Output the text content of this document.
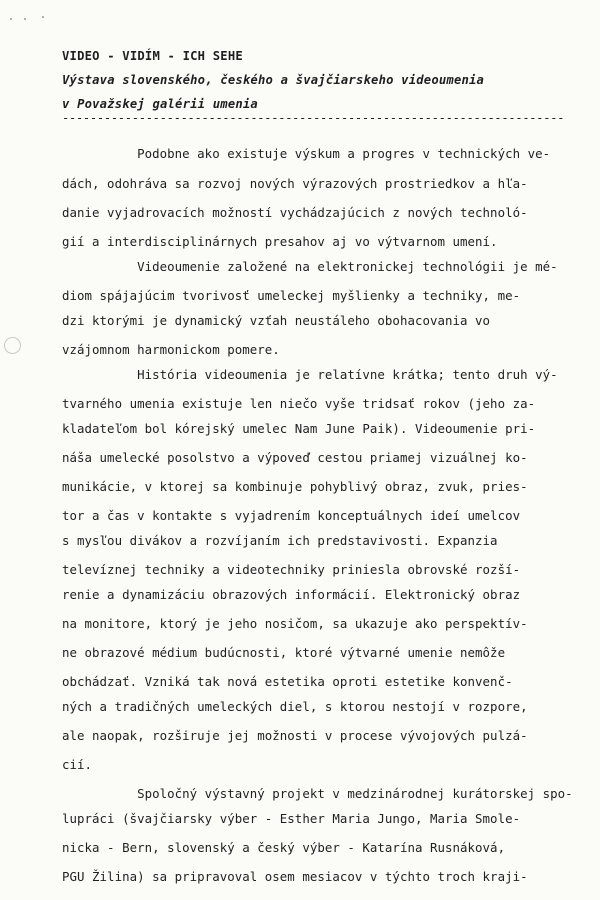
VIDEO - VIDÍM - ICH SEHE
Výstava slovenského, českého a švajčiarskeho videoumenia
v Považskej galérii umenia
------------------------------------------------------------------------
Podobne ako existuje výskum a progres v technických ve-
dách, odohráva sa rozvoj nových výrazových prostriedkov a hľa-
danie vyjadrovacích možností vychádzajúcich z nových technoló-
gií a interdisciplinárnych presahov aj vo výtvarnom umení.
Videoumenie založené na elektronickej technológii je mé-
diom spájajúcim tvorivosť umeleckej myšlienky a techniky, me-
dzi ktorými je dynamický vzťah neustáleho obohacovania vo
vzájomnom harmonickom pomere.
História videoumenia je relatívne krátka; tento druh vý-
tvarného umenia existuje len niečo vyše tridsať rokov (jeho za-
kladateľom bol kórejský umelec Nam June Paik). Videoumenie pri-
náša umelecké posolstvo a výpoveď cestou priamej vizuálnej ko-
munikácie, v ktorej sa kombinuje pohyblivý obraz, zvuk, pries-
tor a čas v kontakte s vyjadrením konceptuálnych ideí umelcov
s mysľou divákov a rozvíjaním ich predstavivosti. Expanzia
televíznej techniky a videotechniky priniesla obrovské rozší-
renie a dynamizáciu obrazových informácií. Elektronický obraz
na monitore, ktorý je jeho nosičom, sa ukazuje ako perspektív-
ne obrazové médium budúcnosti, ktoré výtvarné umenie nemôže
obchádzať. Vzniká tak nová estetika oproti estetike konvenč-
ných a tradičných umeleckých diel, s ktorou nestojí v rozpore,
ale naopak, rozširuje jej možnosti v procese vývojových pulzá-
cií.
Spoločný výstavný projekt v medzinárodnej kurátorskej spo-
lupráci (švajčiarsky výber - Esther Maria Jungo, Maria Smole-
nicka - Bern, slovenský a český výber - Katarína Rusnáková,
PGU Žilina) sa pripravoval osem mesiacov v týchto troch kraji-
